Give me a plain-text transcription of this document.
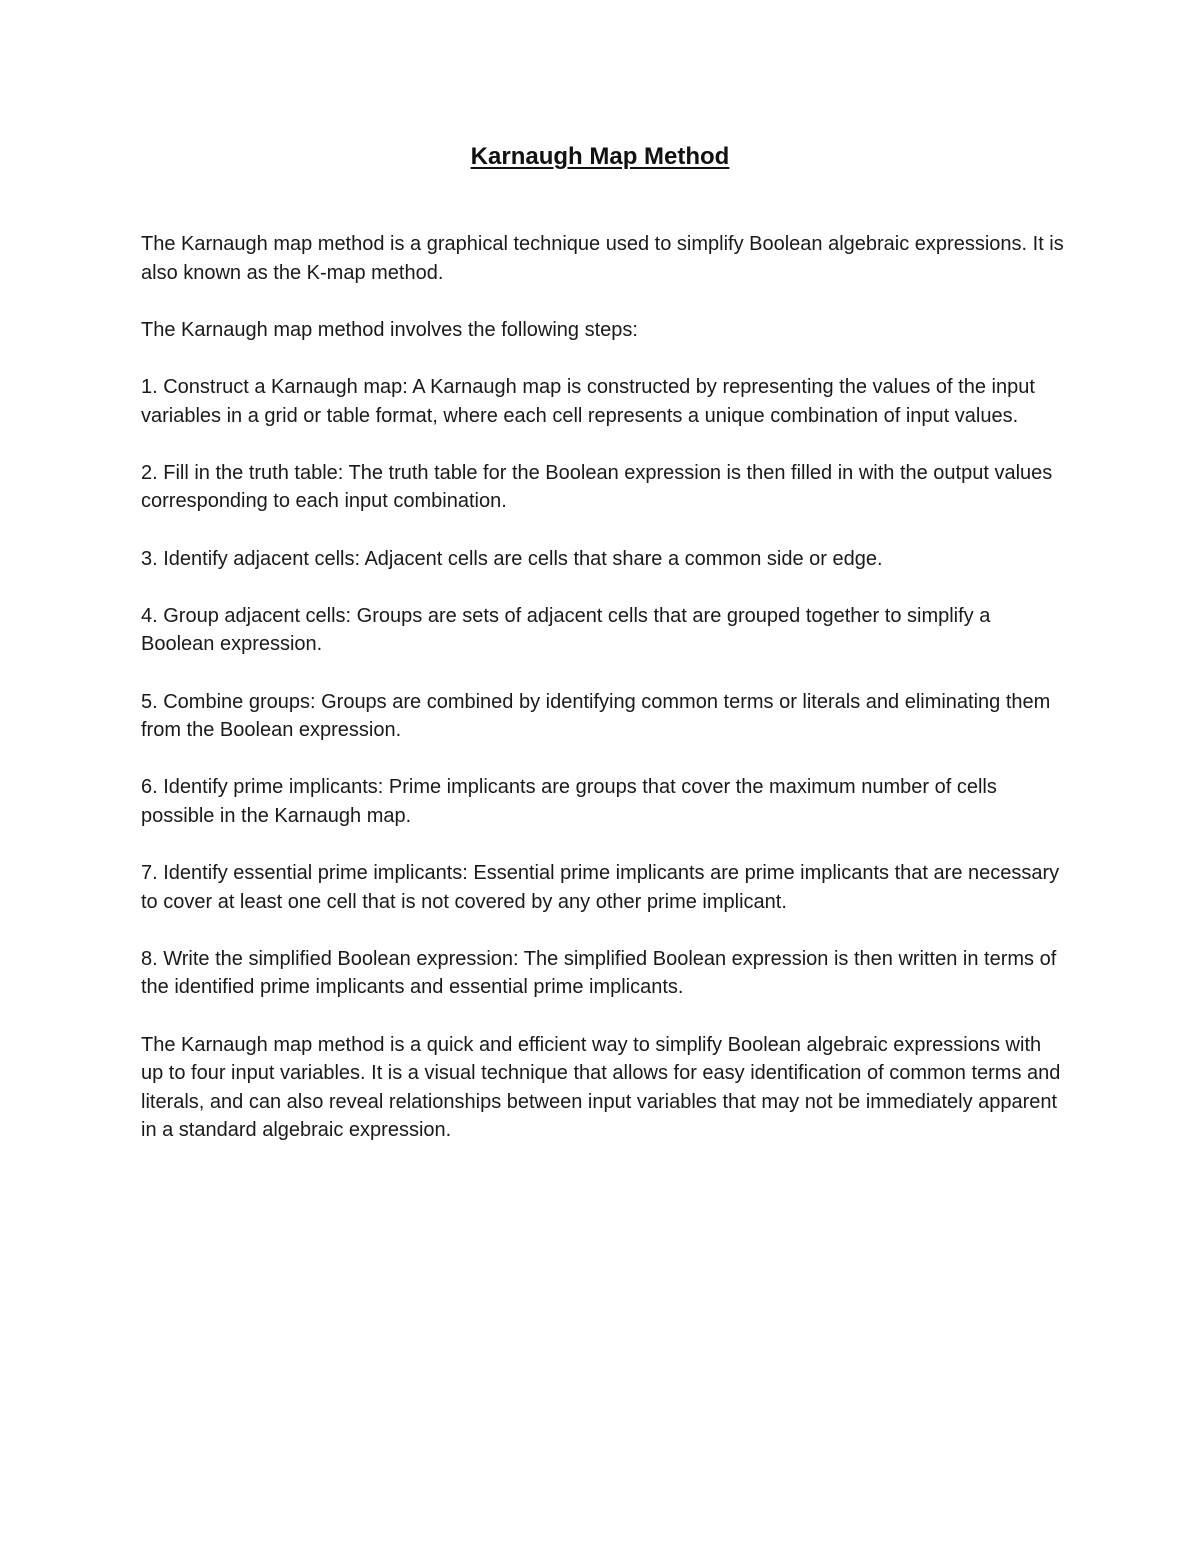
Karnaugh Map Method

The Karnaugh map method is a graphical technique used to simplify Boolean algebraic expressions. It is also known as the K-map method.

The Karnaugh map method involves the following steps:

1. Construct a Karnaugh map: A Karnaugh map is constructed by representing the values of the input variables in a grid or table format, where each cell represents a unique combination of input values.

2. Fill in the truth table: The truth table for the Boolean expression is then filled in with the output values corresponding to each input combination.

3. Identify adjacent cells: Adjacent cells are cells that share a common side or edge.

4. Group adjacent cells: Groups are sets of adjacent cells that are grouped together to simplify a Boolean expression.

5. Combine groups: Groups are combined by identifying common terms or literals and eliminating them from the Boolean expression.

6. Identify prime implicants: Prime implicants are groups that cover the maximum number of cells possible in the Karnaugh map.

7. Identify essential prime implicants: Essential prime implicants are prime implicants that are necessary to cover at least one cell that is not covered by any other prime implicant.

8. Write the simplified Boolean expression: The simplified Boolean expression is then written in terms of the identified prime implicants and essential prime implicants.

The Karnaugh map method is a quick and efficient way to simplify Boolean algebraic expressions with up to four input variables. It is a visual technique that allows for easy identification of common terms and literals, and can also reveal relationships between input variables that may not be immediately apparent in a standard algebraic expression.
